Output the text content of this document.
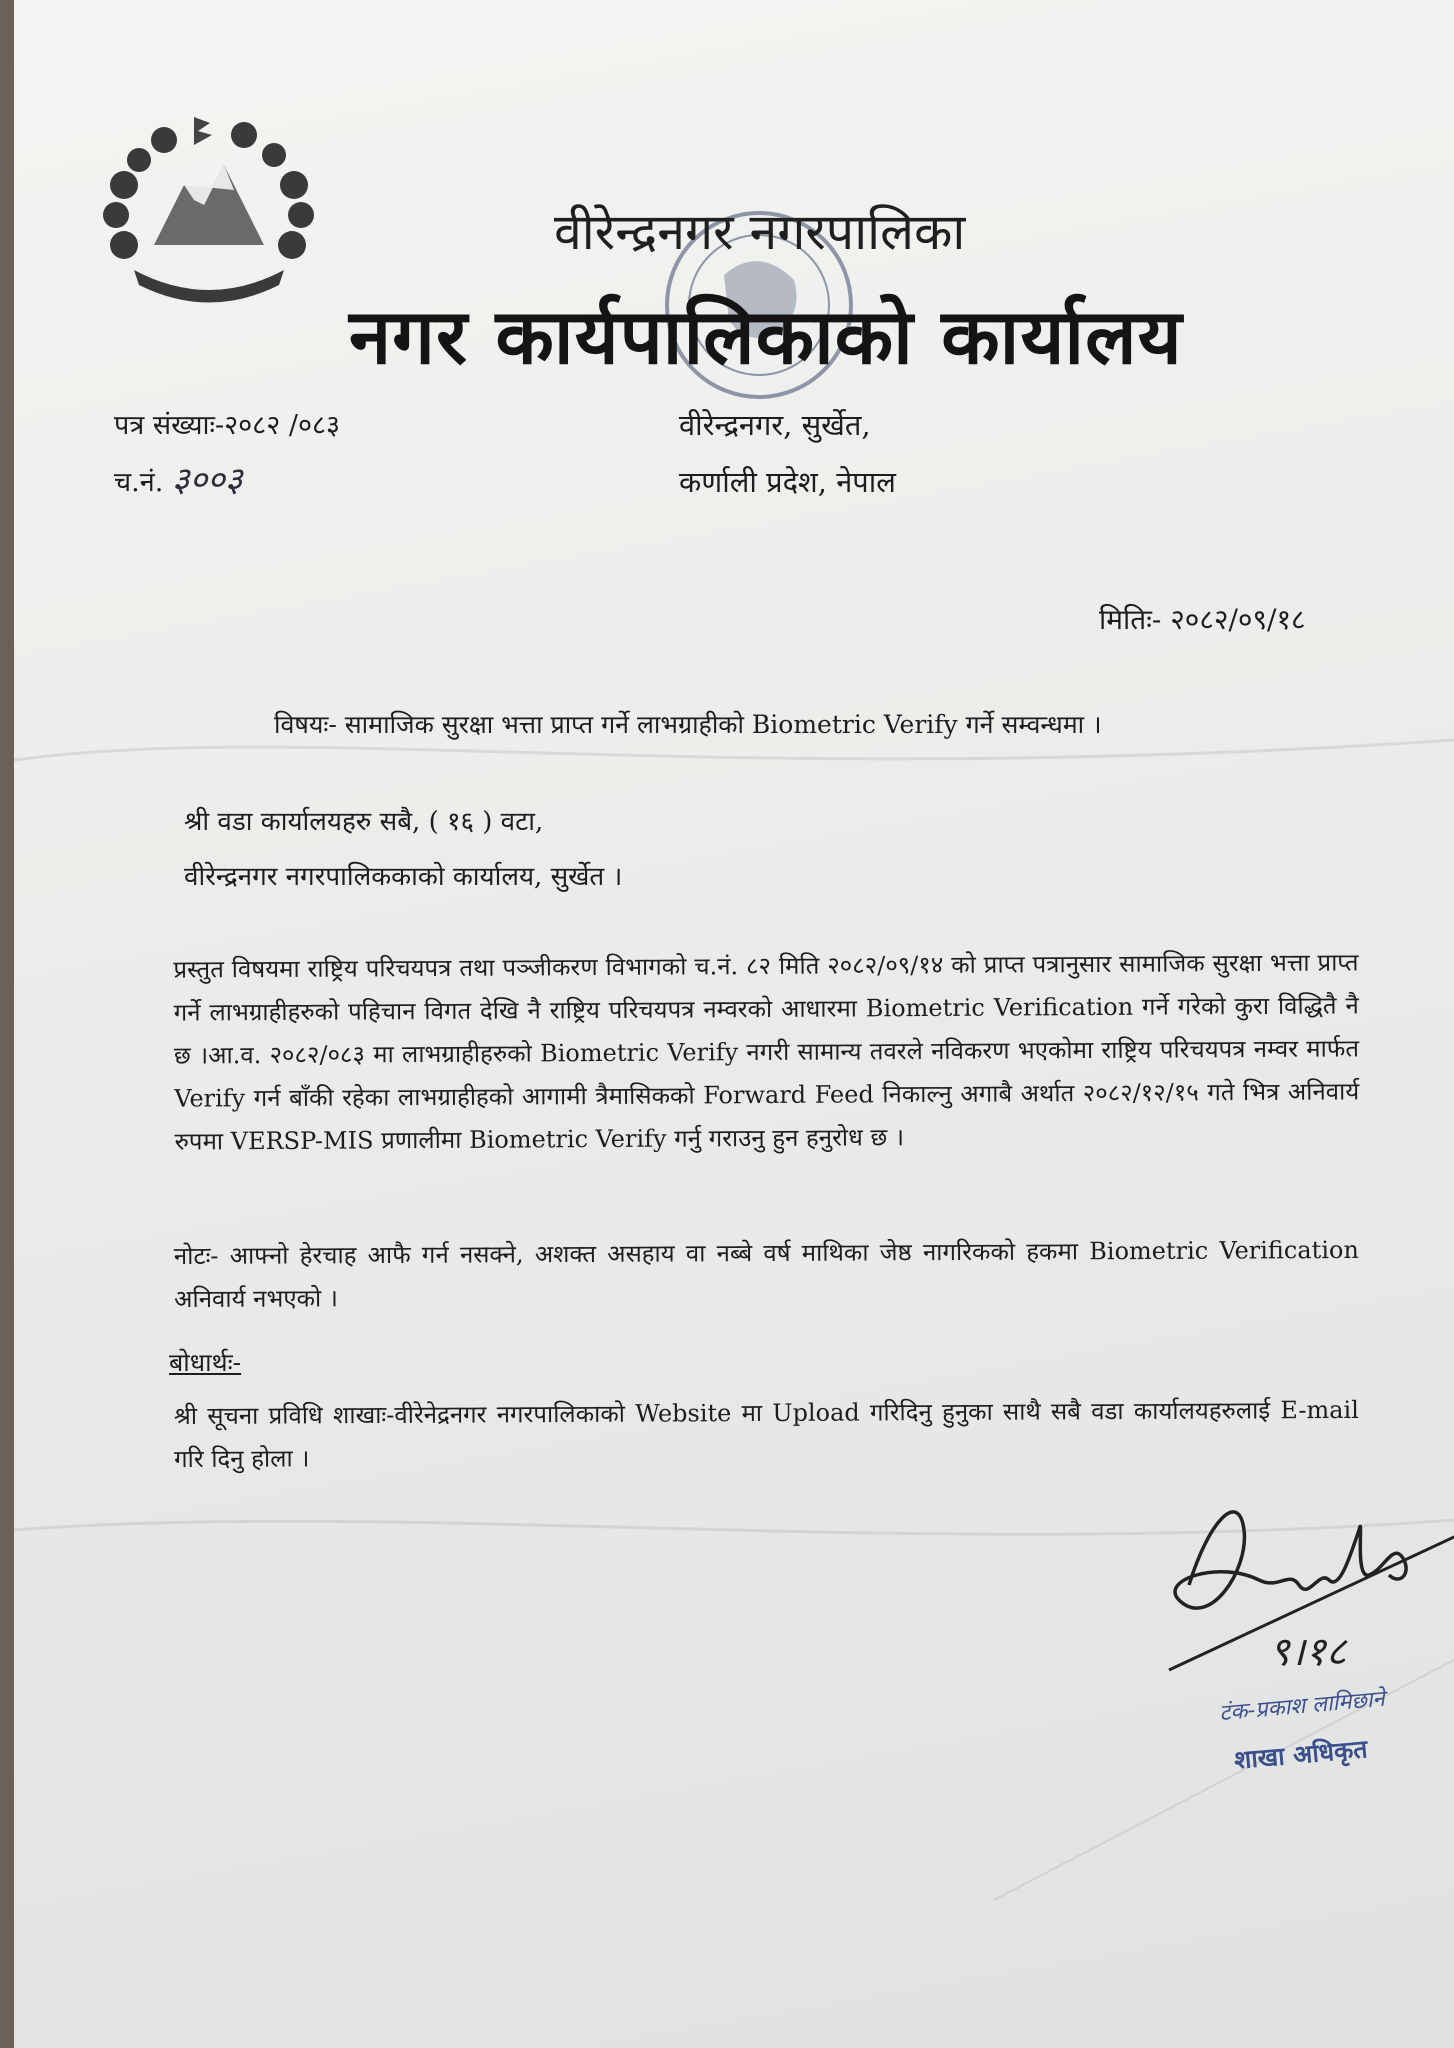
वीरेन्द्रनगर नगरपालिका
नगर कार्यपालिकाको कार्यालय
पत्र संख्याः-२०८२ /०८३
च.नं. ३००३
वीरेन्द्रनगर, सुर्खेत,
कर्णाली प्रदेश, नेपाल
मितिः- २०८२/०९/१८
विषयः- सामाजिक सुरक्षा भत्ता प्राप्त गर्ने लाभग्राहीको Biometric Verify गर्ने सम्वन्धमा ।
श्री वडा कार्यालयहरु सबै, ( १६ ) वटा,
वीरेन्द्रनगर नगरपालिककाको कार्यालय, सुर्खेत ।
प्रस्तुत विषयमा राष्ट्रिय परिचयपत्र तथा पञ्जीकरण विभागको च.नं. ८२ मिति २०८२/०९/१४ को प्राप्त पत्रानुसार सामाजिक सुरक्षा भत्ता प्राप्त गर्ने लाभग्राहीहरुको पहिचान विगत देखि नै राष्ट्रिय परिचयपत्र नम्वरको आधारमा Biometric Verification गर्ने गरेको कुरा विद्धितै नै छ ।आ.व. २०८२/०८३ मा लाभग्राहीहरुको Biometric Verify नगरी सामान्य तवरले नविकरण भएकोमा राष्ट्रिय परिचयपत्र नम्वर मार्फत Verify गर्न बाँकी रहेका लाभग्राहीहको आगामी त्रैमासिकको Forward Feed निकाल्नु अगाबै अर्थात २०८२/१२/१५ गते भित्र अनिवार्य रुपमा VERSP-MIS प्रणालीमा Biometric Verify गर्नु गराउनु हुन हनुरोध छ ।
नोटः- आफ्नो हेरचाह आफै गर्न नसक्ने, अशक्त असहाय वा नब्बे वर्ष माथिका जेष्ठ नागरिकको हकमा Biometric Verification अनिवार्य नभएको ।
बोधार्थः-
श्री सूचना प्रविधि शाखाः-वीरेनेद्रनगर नगरपालिकाको Website मा Upload गरिदिनु हुनुका साथै सबै वडा कार्यालयहरुलाई E-mail गरि दिनु होला ।
९।१८
टंक-प्रकाश लामिछाने
शाखा अधिकृत
